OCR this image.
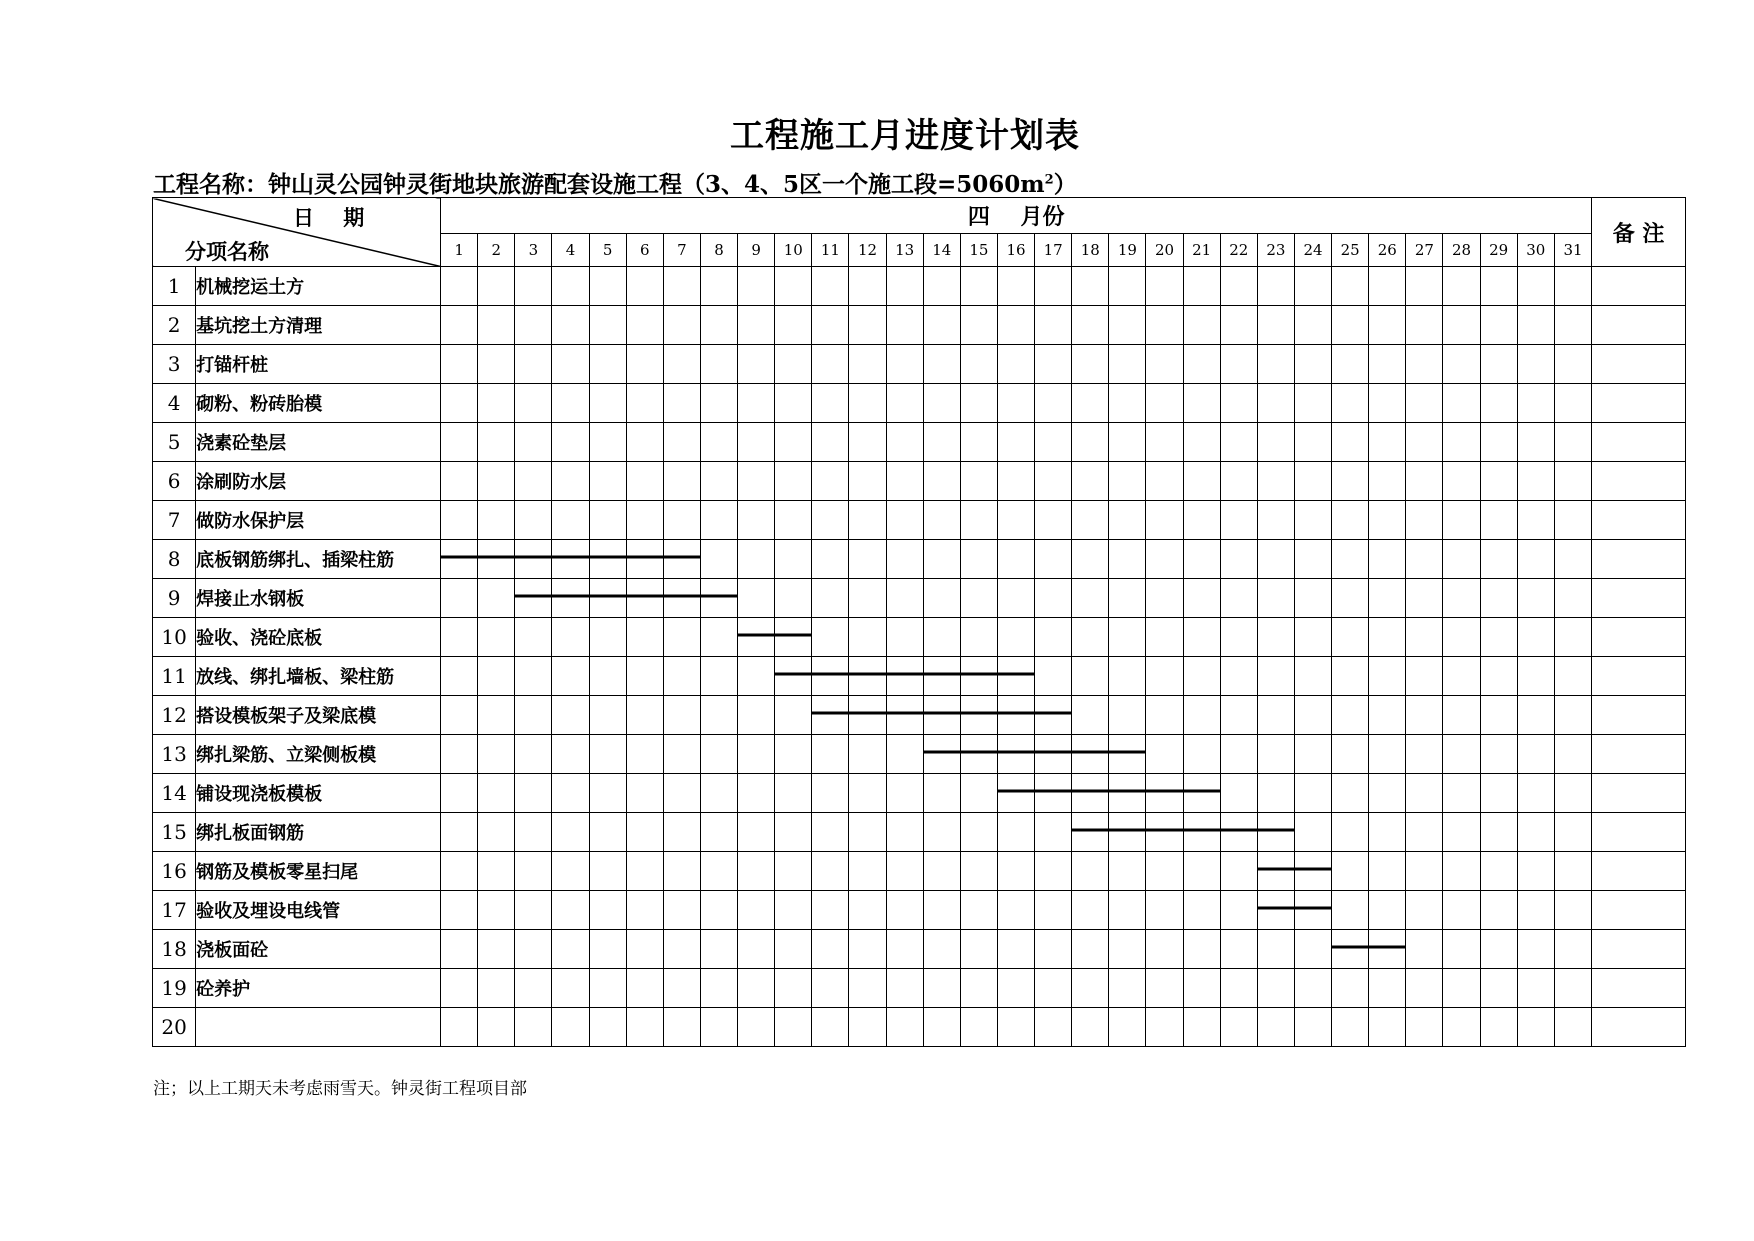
工程施工月进度计划表
工程名称：钟山灵公园钟灵街地块旅游配套设施工程（3、4、5区一个施工段$=5060m^2$）
日    期
分项名称		四    月份																															备 注
		1	2	3	4	5	6	7	8	9	10	11	12	13	14	15	16	17	18	19	20	21	22	23	24	25	26	27	28	29	30	31	
1	机械挖运土方																																
2	基坑挖土方清理																																
3	打锚杆桩																																
4	砌粉、粉砖胎模																																
5	浇素砼垫层																																
6	涂刷防水层																																
7	做防水保护层																																
8	底板钢筋绑扎、插梁柱筋																																
9	焊接止水钢板																																
10	验收、浇砼底板																																
11	放线、绑扎墙板、梁柱筋																																
12	搭设模板架子及梁底模																																
13	绑扎梁筋、立梁侧板模																																
14	铺设现浇板模板																																
15	绑扎板面钢筋																																
16	钢筋及模板零星扫尾																																
17	验收及埋设电线管																																
18	浇板面砼																																
19	砼养护																																
20																																	
注；以上工期天未考虑雨雪天。钟灵街工程项目部
